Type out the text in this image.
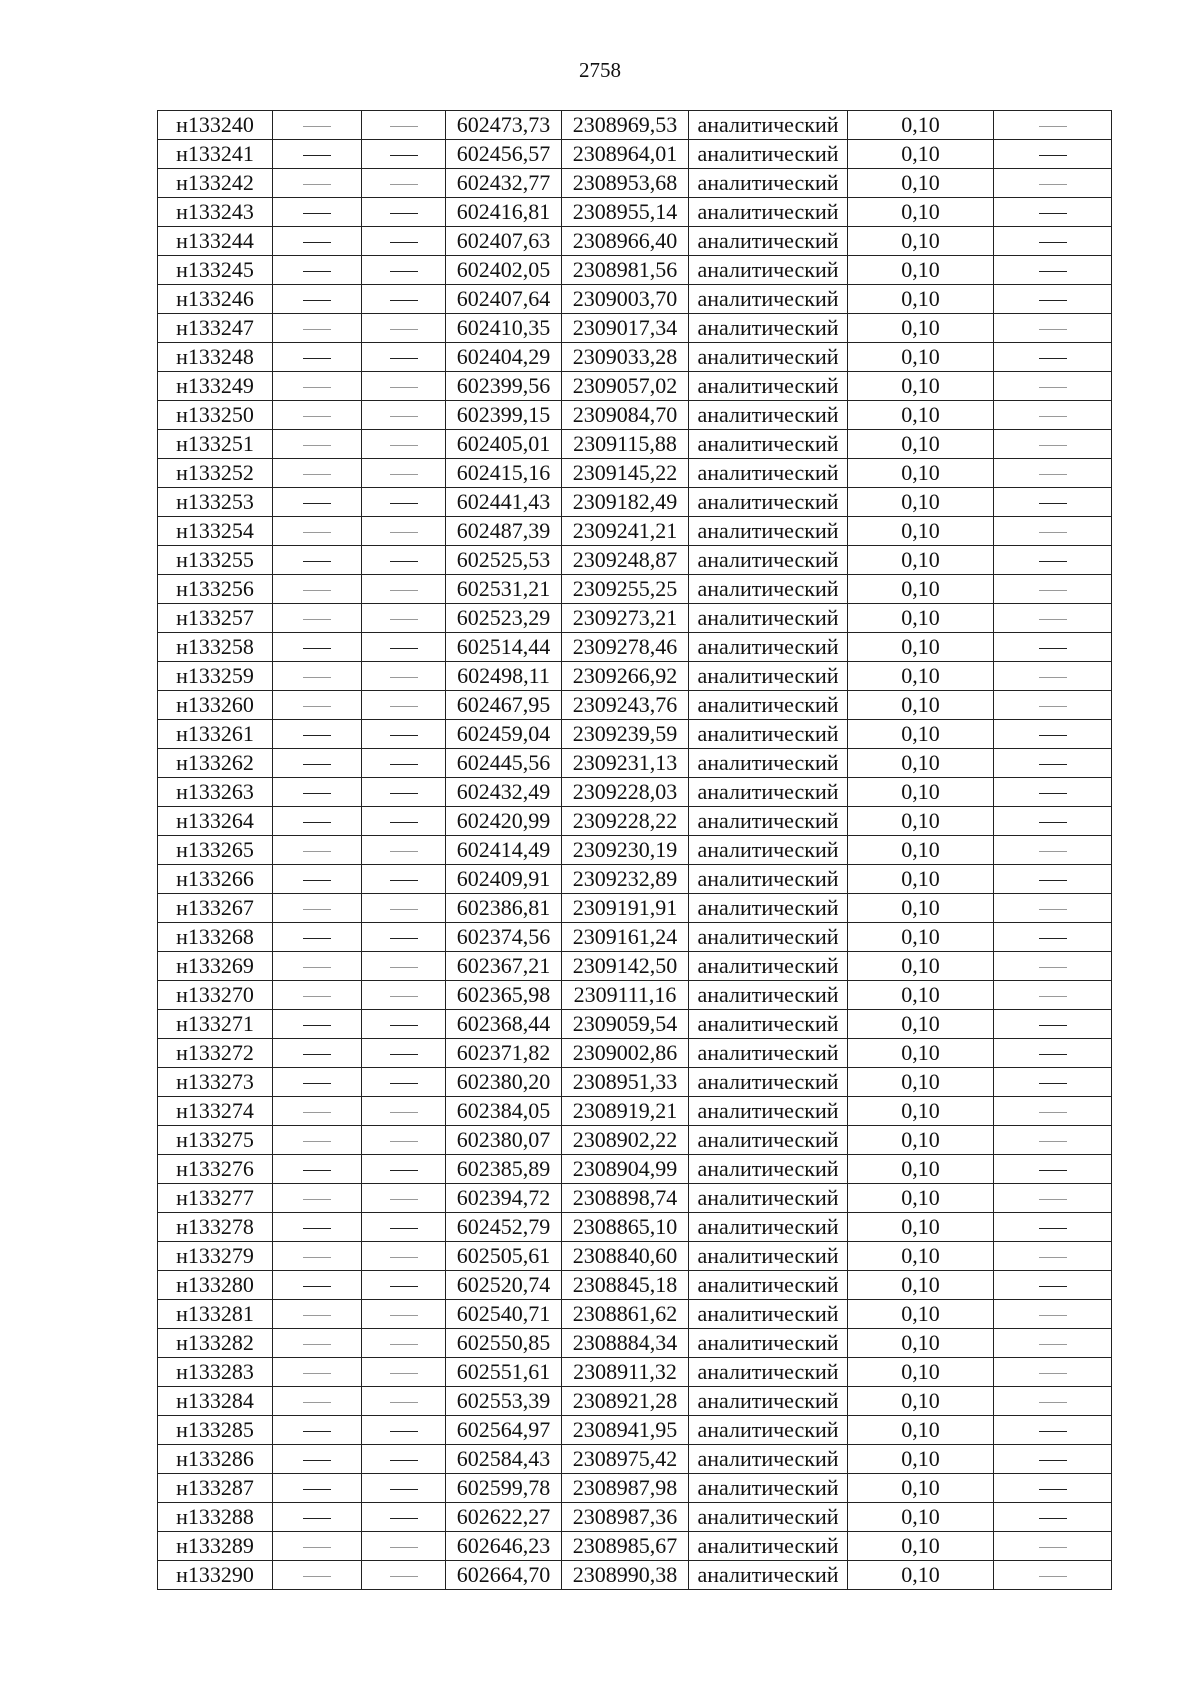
2758
н133240			602473,73	2308969,53	аналитический	0,10	
н133241			602456,57	2308964,01	аналитический	0,10	
н133242			602432,77	2308953,68	аналитический	0,10	
н133243			602416,81	2308955,14	аналитический	0,10	
н133244			602407,63	2308966,40	аналитический	0,10	
н133245			602402,05	2308981,56	аналитический	0,10	
н133246			602407,64	2309003,70	аналитический	0,10	
н133247			602410,35	2309017,34	аналитический	0,10	
н133248			602404,29	2309033,28	аналитический	0,10	
н133249			602399,56	2309057,02	аналитический	0,10	
н133250			602399,15	2309084,70	аналитический	0,10	
н133251			602405,01	2309115,88	аналитический	0,10	
н133252			602415,16	2309145,22	аналитический	0,10	
н133253			602441,43	2309182,49	аналитический	0,10	
н133254			602487,39	2309241,21	аналитический	0,10	
н133255			602525,53	2309248,87	аналитический	0,10	
н133256			602531,21	2309255,25	аналитический	0,10	
н133257			602523,29	2309273,21	аналитический	0,10	
н133258			602514,44	2309278,46	аналитический	0,10	
н133259			602498,11	2309266,92	аналитический	0,10	
н133260			602467,95	2309243,76	аналитический	0,10	
н133261			602459,04	2309239,59	аналитический	0,10	
н133262			602445,56	2309231,13	аналитический	0,10	
н133263			602432,49	2309228,03	аналитический	0,10	
н133264			602420,99	2309228,22	аналитический	0,10	
н133265			602414,49	2309230,19	аналитический	0,10	
н133266			602409,91	2309232,89	аналитический	0,10	
н133267			602386,81	2309191,91	аналитический	0,10	
н133268			602374,56	2309161,24	аналитический	0,10	
н133269			602367,21	2309142,50	аналитический	0,10	
н133270			602365,98	2309111,16	аналитический	0,10	
н133271			602368,44	2309059,54	аналитический	0,10	
н133272			602371,82	2309002,86	аналитический	0,10	
н133273			602380,20	2308951,33	аналитический	0,10	
н133274			602384,05	2308919,21	аналитический	0,10	
н133275			602380,07	2308902,22	аналитический	0,10	
н133276			602385,89	2308904,99	аналитический	0,10	
н133277			602394,72	2308898,74	аналитический	0,10	
н133278			602452,79	2308865,10	аналитический	0,10	
н133279			602505,61	2308840,60	аналитический	0,10	
н133280			602520,74	2308845,18	аналитический	0,10	
н133281			602540,71	2308861,62	аналитический	0,10	
н133282			602550,85	2308884,34	аналитический	0,10	
н133283			602551,61	2308911,32	аналитический	0,10	
н133284			602553,39	2308921,28	аналитический	0,10	
н133285			602564,97	2308941,95	аналитический	0,10	
н133286			602584,43	2308975,42	аналитический	0,10	
н133287			602599,78	2308987,98	аналитический	0,10	
н133288			602622,27	2308987,36	аналитический	0,10	
н133289			602646,23	2308985,67	аналитический	0,10	
н133290			602664,70	2308990,38	аналитический	0,10	
